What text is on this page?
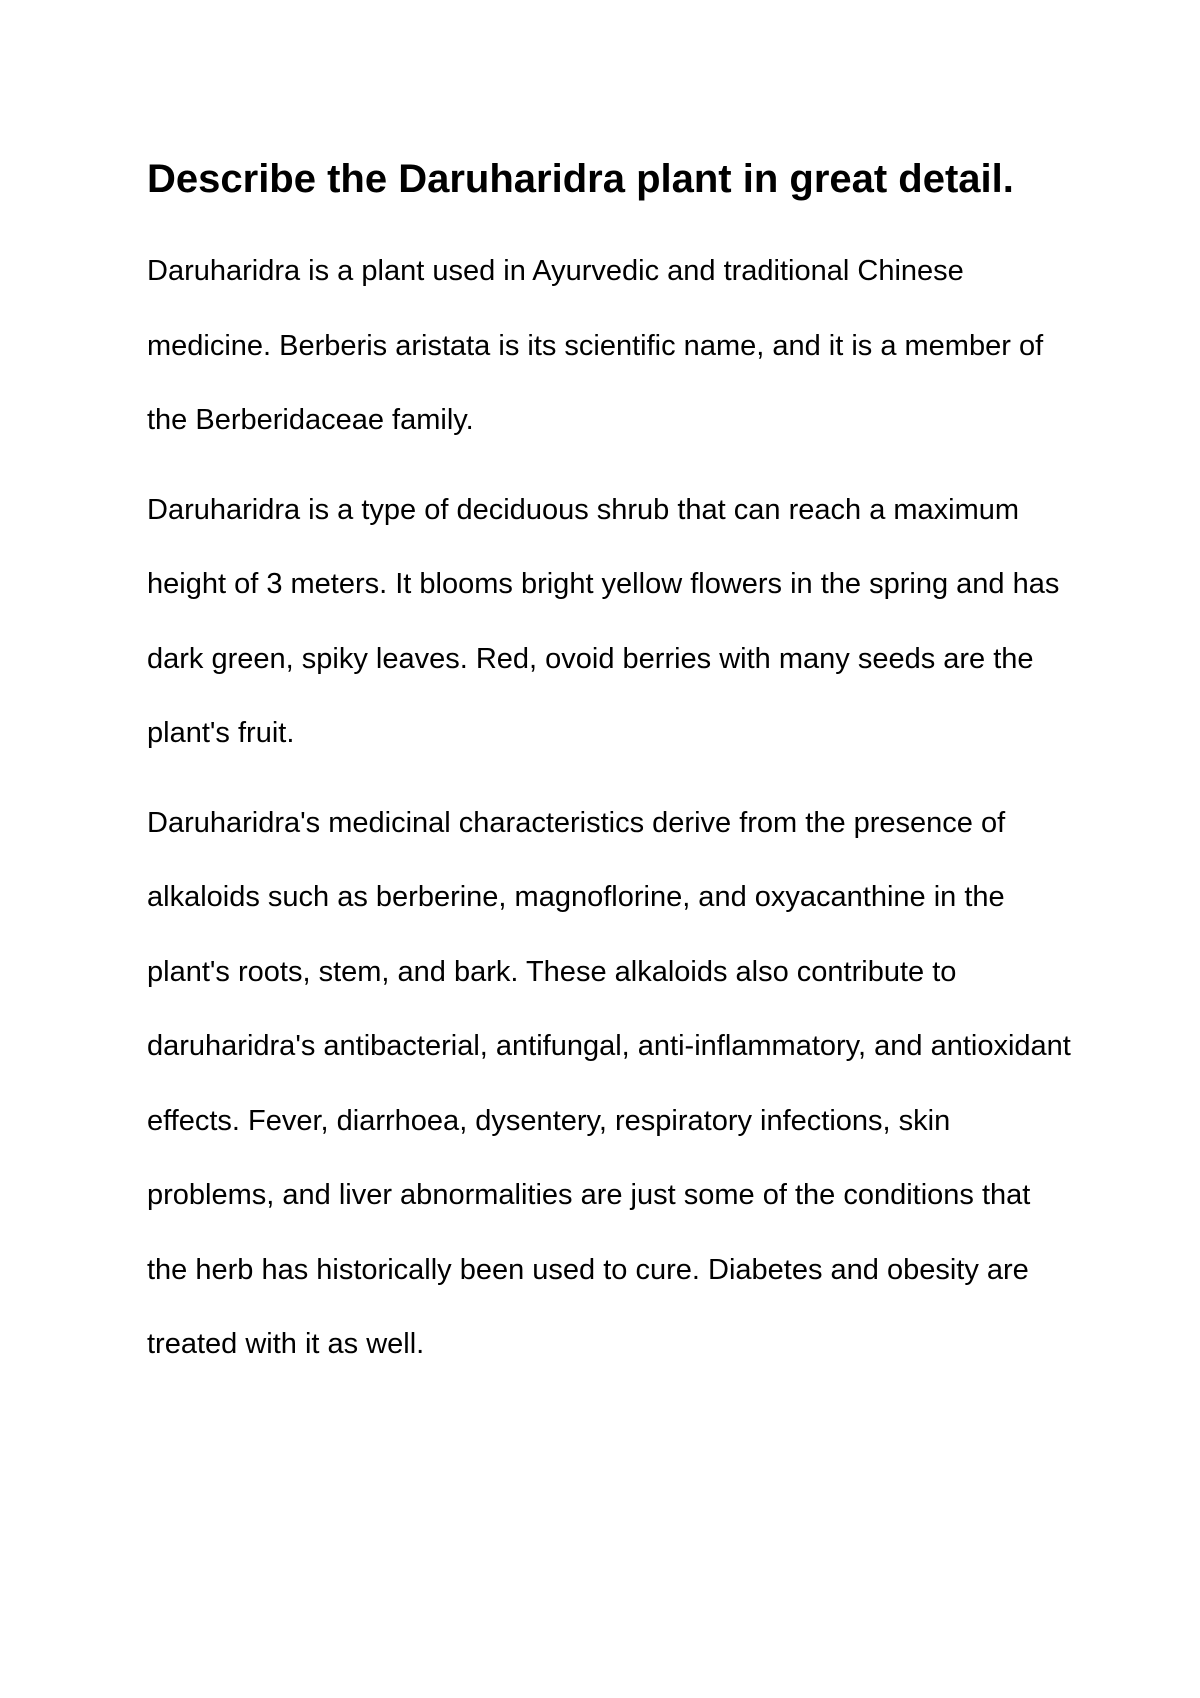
Describe the Daruharidra plant in great detail.

Daruharidra is a plant used in Ayurvedic and traditional Chinese medicine. Berberis aristata is its scientific name, and it is a member of the Berberidaceae family.

Daruharidra is a type of deciduous shrub that can reach a maximum height of 3 meters. It blooms bright yellow flowers in the spring and has dark green, spiky leaves. Red, ovoid berries with many seeds are the plant's fruit.

Daruharidra's medicinal characteristics derive from the presence of alkaloids such as berberine, magnoflorine, and oxyacanthine in the plant's roots, stem, and bark. These alkaloids also contribute to daruharidra's antibacterial, antifungal, anti-inflammatory, and antioxidant effects. Fever, diarrhoea, dysentery, respiratory infections, skin problems, and liver abnormalities are just some of the conditions that the herb has historically been used to cure. Diabetes and obesity are treated with it as well.
